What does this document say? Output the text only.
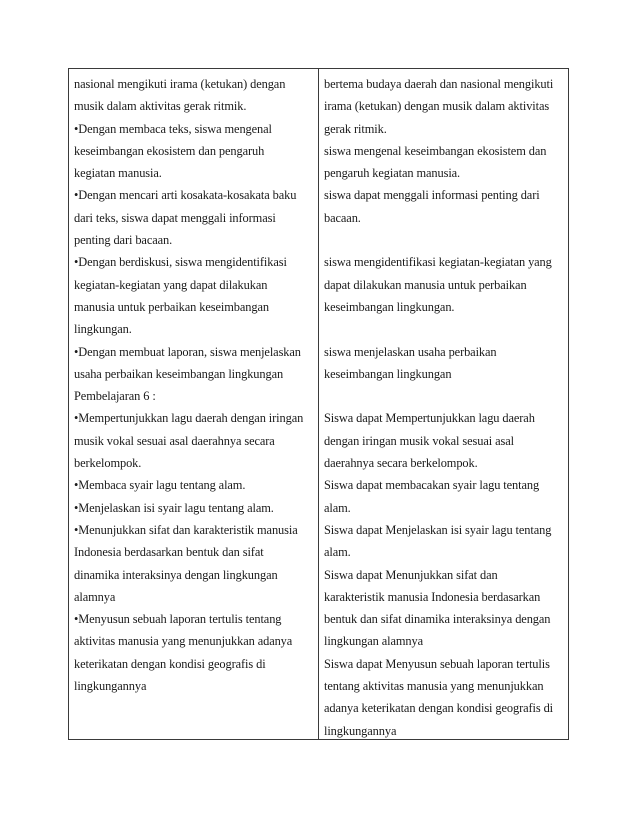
nasional mengikuti irama (ketukan) dengan
musik dalam aktivitas gerak ritmik.
•Dengan membaca teks, siswa mengenal
keseimbangan ekosistem dan pengaruh
kegiatan manusia.
•Dengan mencari arti kosakata-kosakata baku
dari teks, siswa dapat menggali informasi
penting dari bacaan.
•Dengan berdiskusi, siswa mengidentifikasi
kegiatan-kegiatan yang dapat dilakukan
manusia untuk perbaikan keseimbangan
lingkungan.
•Dengan membuat laporan, siswa menjelaskan
usaha perbaikan keseimbangan lingkungan
Pembelajaran 6 :
•Mempertunjukkan lagu daerah dengan iringan
musik vokal sesuai asal daerahnya secara
berkelompok.
•Membaca syair lagu tentang alam.
•Menjelaskan isi syair lagu tentang alam.
•Menunjukkan sifat dan karakteristik manusia
Indonesia berdasarkan bentuk dan sifat
dinamika interaksinya dengan lingkungan
alamnya
•Menyusun sebuah laporan tertulis tentang
aktivitas manusia yang menunjukkan adanya
keterikatan dengan kondisi geografis di
lingkungannya
bertema budaya daerah dan nasional mengikuti
irama (ketukan) dengan musik dalam aktivitas
gerak ritmik.
siswa mengenal keseimbangan ekosistem dan
pengaruh kegiatan manusia.
siswa dapat menggali informasi penting dari
bacaan.
siswa mengidentifikasi kegiatan-kegiatan yang
dapat dilakukan manusia untuk perbaikan
keseimbangan lingkungan.
siswa menjelaskan usaha perbaikan
keseimbangan lingkungan
Siswa dapat Mempertunjukkan lagu daerah
dengan iringan musik vokal sesuai asal
daerahnya secara berkelompok.
Siswa dapat membacakan syair lagu tentang
alam.
Siswa dapat Menjelaskan isi syair lagu tentang
alam.
Siswa dapat Menunjukkan sifat dan
karakteristik manusia Indonesia berdasarkan
bentuk dan sifat dinamika interaksinya dengan
lingkungan alamnya
Siswa dapat Menyusun sebuah laporan tertulis
tentang aktivitas manusia yang menunjukkan
adanya keterikatan dengan kondisi geografis di
lingkungannya
